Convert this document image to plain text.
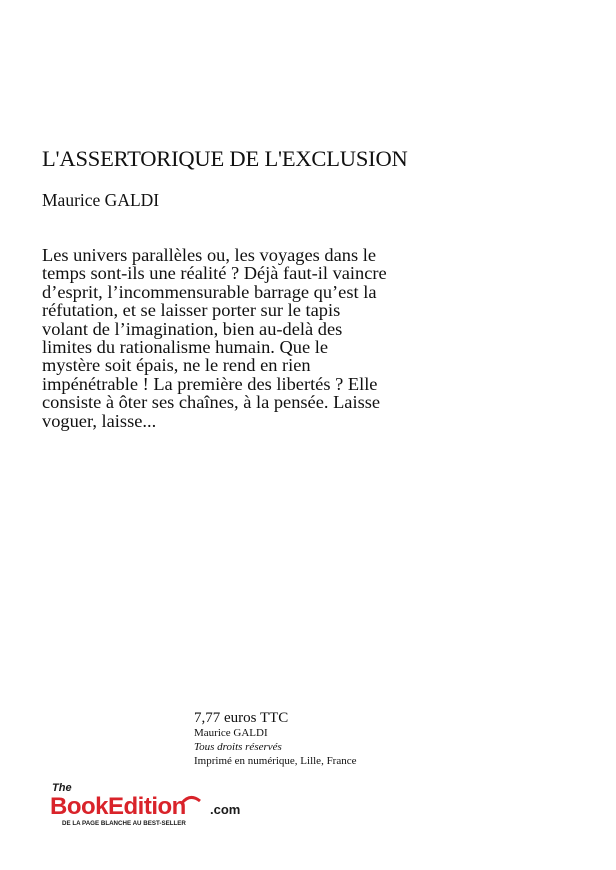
L'ASSERTORIQUE DE L'EXCLUSION
Maurice GALDI

Les univers parallèles ou, les voyages dans le
temps sont-ils une réalité ? Déjà faut-il vaincre
d’esprit, l’incommensurable barrage qu’est la
réfutation, et se laisser porter sur le tapis
volant de l’imagination, bien au-delà des
limites du rationalisme humain. Que le
mystère soit épais, ne le rend en rien
impénétrable ! La première des libertés ? Elle
consiste à ôter ses chaînes, à la pensée. Laisse
voguer, laisse...

7,77 euros TTC
Maurice GALDI
Tous droits réservés
Imprimé en numérique, Lille, France
The
BookEdition .com
DE LA PAGE BLANCHE AU BEST-SELLER
